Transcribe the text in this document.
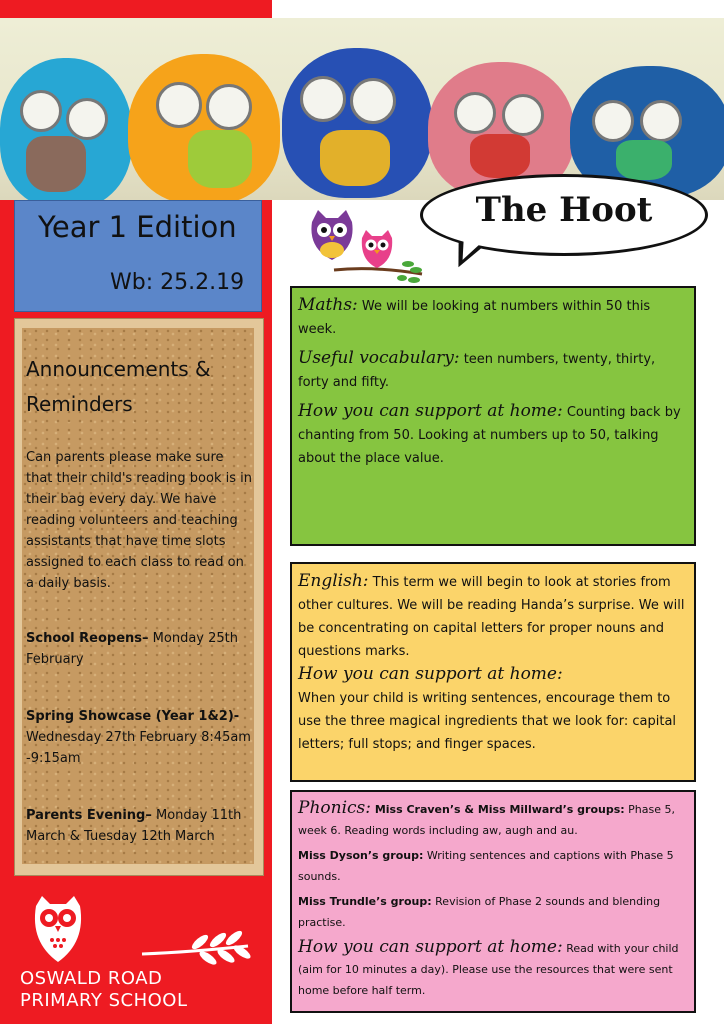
The Hoot
Year 1 Edition
Wb: 25.2.19
Announcements & Reminders
Can parents please make sure that their child's reading book is in their bag every day. We have reading volunteers and teaching assistants that have time slots assigned to each class to read on a daily basis.
School Reopens– Monday 25th February
Spring Showcase (Year 1&2)- Wednesday 27th February 8:45am -9:15am
Parents Evening– Monday 11th March & Tuesday 12th March
OSWALD ROAD
PRIMARY SCHOOL

Maths: We will be looking at numbers within 50 this week.

Useful vocabulary: teen numbers, twenty, thirty, forty and fifty.

How you can support at home: Counting back by chanting from 50. Looking at numbers up to 50, talking about the place value.

English: This term we will begin to look at stories from other cultures. We will be reading Handa’s surprise. We will be concentrating on capital letters for proper nouns and questions marks.

How you can support at home:

When your child is writing sentences, encourage them to use the three magical ingredients that we look for: capital letters; full stops; and finger spaces.

Phonics: Miss Craven’s & Miss Millward’s groups: Phase 5, week 6. Reading words including aw, augh and au.

Miss Dyson’s group: Writing sentences and captions with Phase 5 sounds.

Miss Trundle’s group: Revision of Phase 2 sounds and blending practise.

How you can support at home: Read with your child (aim for 10 minutes a day). Please use the resources that were sent home before half term.
